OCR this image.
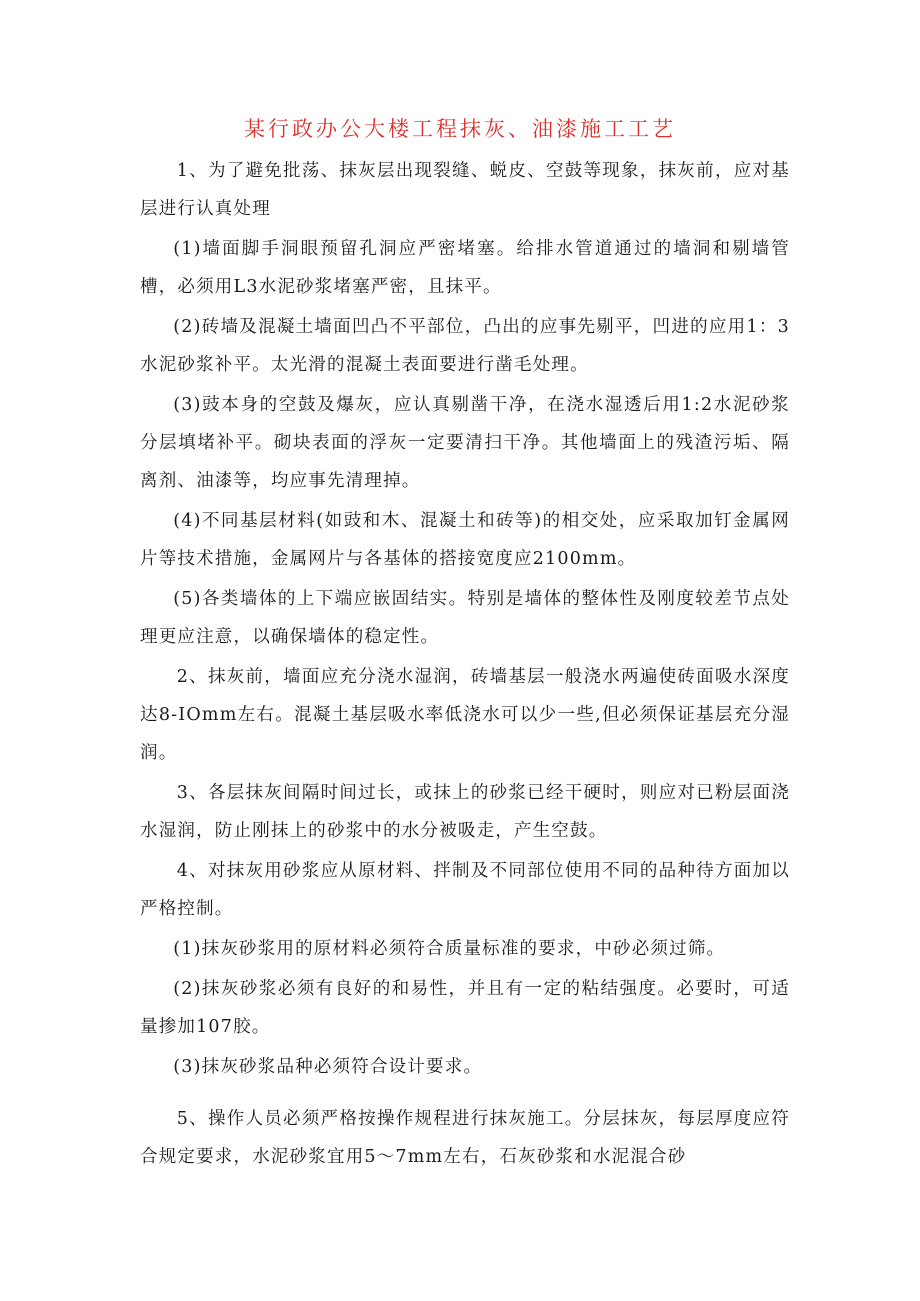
某行政办公大楼工程抹灰、油漆施工工艺

1、为了避免批荡、抹灰层出现裂缝、蜕皮、空鼓等现象，抹灰前，应对基层进行认真处理

(1)墙面脚手洞眼预留孔洞应严密堵塞。给排水管道通过的墙洞和剔墙管槽，必须用L3水泥砂浆堵塞严密，且抹平。

(2)砖墙及混凝土墙面凹凸不平部位，凸出的应事先剔平，凹进的应用1：3水泥砂浆补平。太光滑的混凝土表面要进行凿毛处理。

(3)豉本身的空鼓及爆灰，应认真剔凿干净，在浇水湿透后用1:2水泥砂浆分层填堵补平。砌块表面的浮灰一定要清扫干净。其他墙面上的残渣污垢、隔离剂、油漆等，均应事先清理掉。

(4)不同基层材料(如豉和木、混凝土和砖等)的相交处，应采取加钉金属网片等技术措施，金属网片与各基体的搭接宽度应2100mm。

(5)各类墙体的上下端应嵌固结实。特别是墙体的整体性及刚度较差节点处理更应注意，以确保墙体的稳定性。

2、抹灰前，墙面应充分浇水湿润，砖墙基层一般浇水两遍使砖面吸水深度达8-IOmm左右。混凝土基层吸水率低浇水可以少一些,但必须保证基层充分湿润。

3、各层抹灰间隔时间过长，或抹上的砂浆已经干硬时，则应对已粉层面浇水湿润，防止刚抹上的砂浆中的水分被吸走，产生空鼓。

4、对抹灰用砂浆应从原材料、拌制及不同部位使用不同的品种待方面加以严格控制。

(1)抹灰砂浆用的原材料必须符合质量标准的要求，中砂必须过筛。

(2)抹灰砂浆必须有良好的和易性，并且有一定的粘结强度。必要时，可适量掺加107胶。

(3)抹灰砂浆品种必须符合设计要求。

5、操作人员必须严格按操作规程进行抹灰施工。分层抹灰，每层厚度应符合规定要求，水泥砂浆宜用5〜7mm左右，石灰砂浆和水泥混合砂
